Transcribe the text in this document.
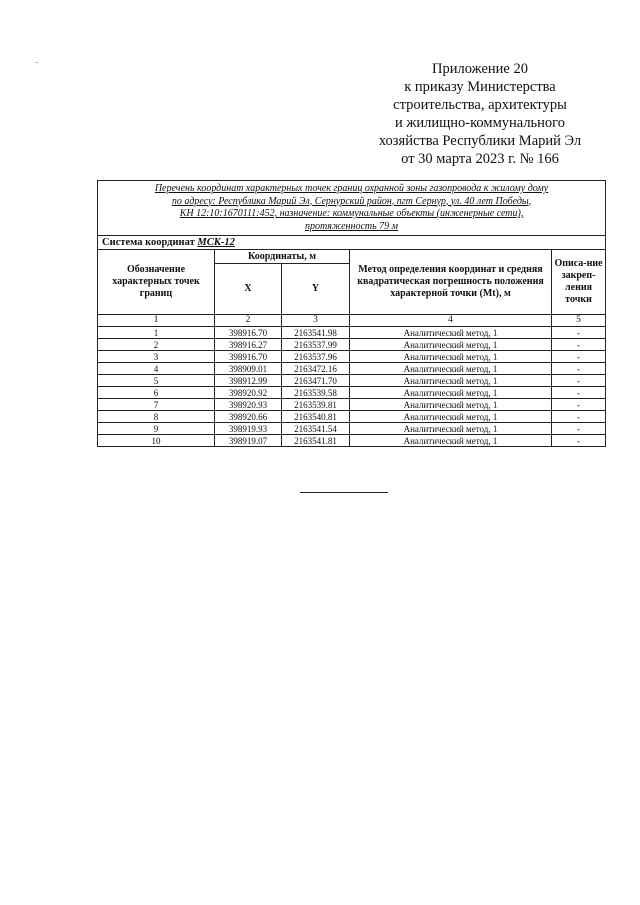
Приложение 20
к приказу Министерства
строительства, архитектуры
и жилищно-коммунального
хозяйства Республики Марий Эл
от 30 марта 2023 г. № 166
Перечень координат характерных точек границ охранной зоны газопровода к жилому дому
по адресу: Республика Марий Эл, Сернурский район, пгт Сернур, ул. 40 лет Победы,
КН 12:10:1670111:452, назначение: коммунальные объекты (инженерные сети),
протяженность 79 м				

Система координат МСК-12				
Обозначение характерных точек границ	Координаты, м		Метод определения координат и средняя квадратическая погрешность положения характерной точки (Mt), м	Описа-ние закреп-ления точки
	X	Y		
1	2	3	4	5
1	398916.70	2163541.98	Аналитический метод, 1	-
2	398916.27	2163537.99	Аналитический метод, 1	-
3	398916.70	2163537.96	Аналитический метод, 1	-
4	398909.01	2163472.16	Аналитический метод, 1	-
5	398912.99	2163471.70	Аналитический метод, 1	-
6	398920.92	2163539.58	Аналитический метод, 1	-
7	398920.93	2163539.81	Аналитический метод, 1	-
8	398920.66	2163540.81	Аналитический метод, 1	-
9	398919.93	2163541.54	Аналитический метод, 1	-
10	398919.07	2163541.81	Аналитический метод, 1	-
